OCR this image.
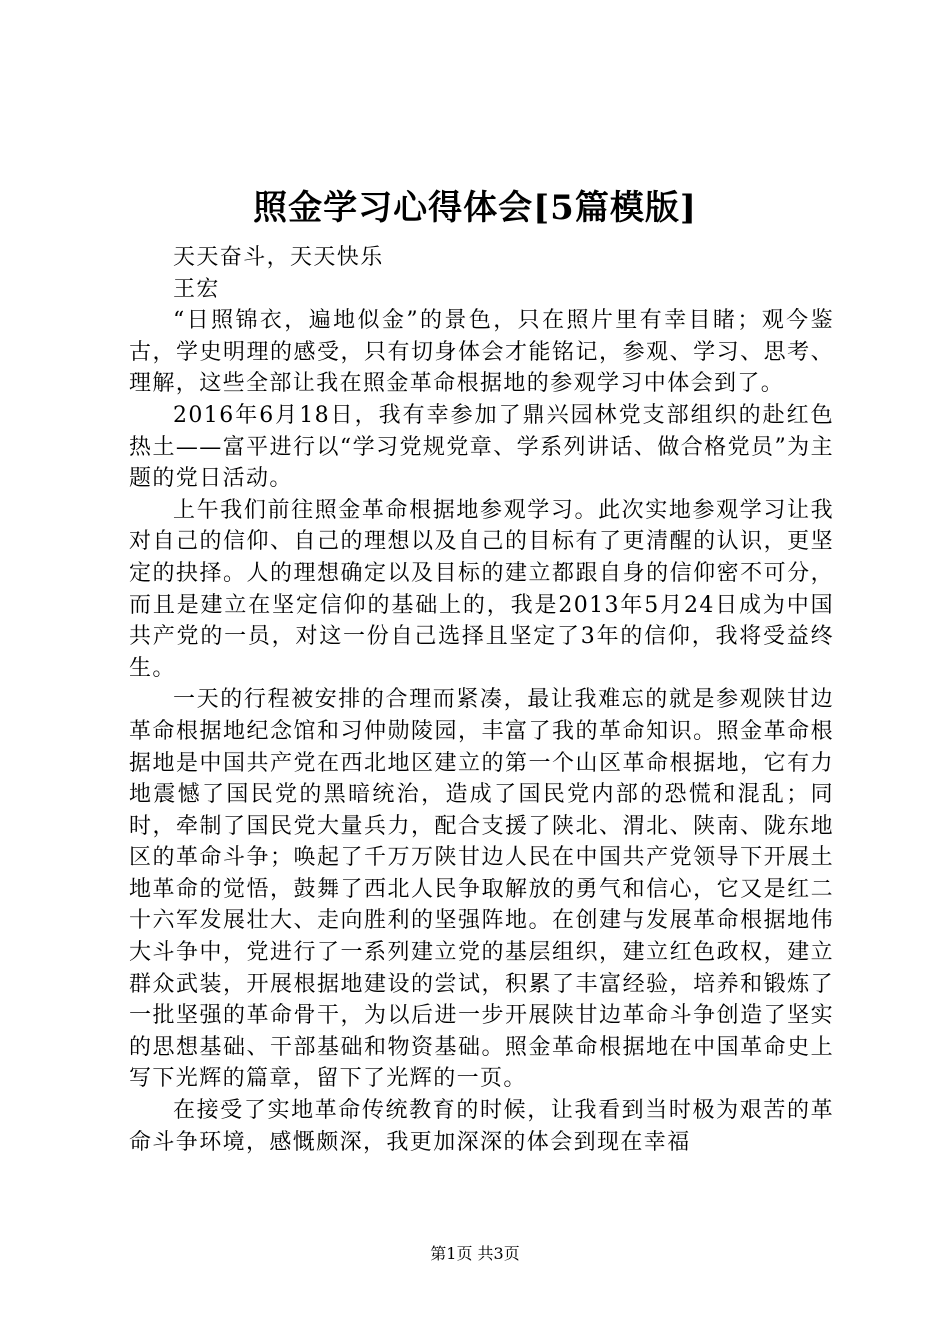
照金学习心得体会[5篇模版]

天天奋斗，天天快乐

王宏

“日照锦衣，遍地似金”的景色，只在照片里有幸目睹；观今鉴古，学史明理的感受，只有切身体会才能铭记，参观、学习、思考、理解，这些全部让我在照金革命根据地的参观学习中体会到了。

2016年6月18日，我有幸参加了鼎兴园林党支部组织的赴红色热土——富平进行以“学习党规党章、学系列讲话、做合格党员”为主题的党日活动。

上午我们前往照金革命根据地参观学习。此次实地参观学习让我对自己的信仰、自己的理想以及自己的目标有了更清醒的认识，更坚定的抉择。人的理想确定以及目标的建立都跟自身的信仰密不可分，而且是建立在坚定信仰的基础上的，我是2013年5月24日成为中国共产党的一员，对这一份自己选择且坚定了3年的信仰，我将受益终生。

一天的行程被安排的合理而紧凑，最让我难忘的就是参观陕甘边革命根据地纪念馆和习仲勋陵园，丰富了我的革命知识。照金革命根据地是中国共产党在西北地区建立的第一个山区革命根据地，它有力地震憾了国民党的黑暗统治，造成了国民党内部的恐慌和混乱；同时，牵制了国民党大量兵力，配合支援了陕北、渭北、陕南、陇东地区的革命斗争；唤起了千万万陕甘边人民在中国共产党领导下开展土地革命的觉悟，鼓舞了西北人民争取解放的勇气和信心，它又是红二十六军发展壮大、走向胜利的坚强阵地。在创建与发展革命根据地伟大斗争中，党进行了一系列建立党的基层组织，建立红色政权，建立群众武装，开展根据地建设的尝试，积累了丰富经验，培养和锻炼了一批坚强的革命骨干，为以后进一步开展陕甘边革命斗争创造了坚实的思想基础、干部基础和物资基础。照金革命根据地在中国革命史上写下光辉的篇章，留下了光辉的一页。

在接受了实地革命传统教育的时候，让我看到当时极为艰苦的革命斗争环境，感慨颇深，我更加深深的体会到现在幸福

第1页 共3页
